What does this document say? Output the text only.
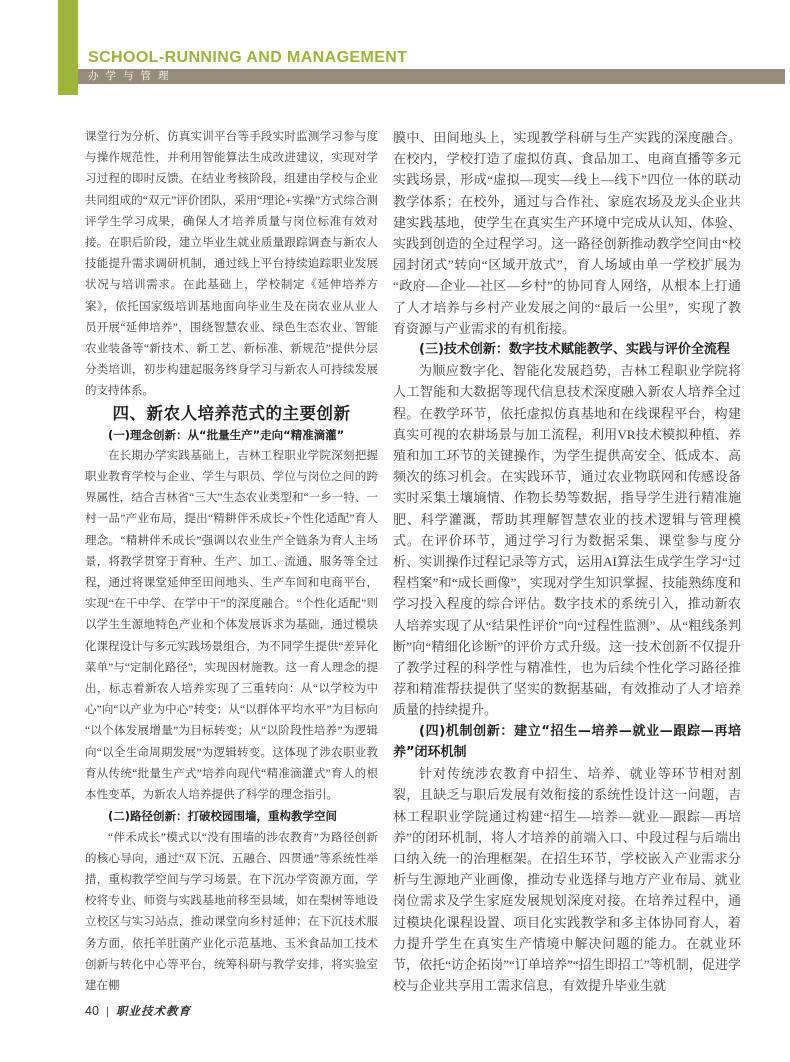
SCHOOL-RUNNING AND MANAGEMENT
办学与管理

课堂行为分析、仿真实训平台等手段实时监测学习参与度与操作规范性，并利用智能算法生成改进建议，实现对学习过程的即时反馈。在结业考核阶段，组建由学校与企业共同组成的“双元”评价团队，采用“理论+实操”方式综合测评学生学习成果，确保人才培养质量与岗位标准有效对接。在职后阶段，建立毕业生就业质量跟踪调查与新农人技能提升需求调研机制，通过线上平台持续追踪职业发展状况与培训需求。在此基础上，学校制定《延伸培养方案》，依托国家级培训基地面向毕业生及在岗农业从业人员开展“延伸培养”，围绕智慧农业、绿色生态农业、智能农业装备等“新技术、新工艺、新标准、新规范”提供分层分类培训，初步构建起服务终身学习与新农人可持续发展的支持体系。

四、新农人培养范式的主要创新

(一)理念创新：从“批量生产”走向“精准滴灌”

在长期办学实践基础上，吉林工程职业学院深刻把握职业教育学校与企业、学生与职员、学位与岗位之间的跨界属性，结合吉林省“三大”生态农业类型和“一乡一特、一村一品”产业布局，提出“精耕伴禾成长+个性化适配”育人理念。“精耕伴禾成长”强调以农业生产全链条为育人主场景，将教学贯穿于育种、生产、加工、流通、服务等全过程，通过将课堂延伸至田间地头、生产车间和电商平台，实现“在干中学、在学中干”的深度融合。“个性化适配”则以学生生源地特色产业和个体发展诉求为基础，通过模块化课程设计与多元实践场景组合，为不同学生提供“差异化菜单”与“定制化路径”，实现因材施教。这一育人理念的提出，标志着新农人培养实现了三重转向：从“以学校为中心”向“以产业为中心”转变；从“以群体平均水平”为目标向“以个体发展增量”为目标转变；从“以阶段性培养”为逻辑向“以全生命周期发展”为逻辑转变。这体现了涉农职业教育从传统“批量生产式”培养向现代“精准滴灌式”育人的根本性变革，为新农人培养提供了科学的理念指引。

(二)路径创新：打破校园围墙，重构教学空间

“伴禾成长”模式以“没有围墙的涉农教育”为路径创新的核心导向，通过“双下沉、五融合、四贯通”等系统性举措，重构教学空间与学习场景。在下沉办学资源方面，学校将专业、师资与实践基地前移至县域，如在梨树等地设立校区与实习站点，推动课堂向乡村延伸；在下沉技术服务方面，依托羊肚菌产业化示范基地、玉米食品加工技术创新与转化中心等平台，统筹科研与教学安排，将实验室建在棚

膜中、田间地头上，实现教学科研与生产实践的深度融合。在校内，学校打造了虚拟仿真、食品加工、电商直播等多元实践场景，形成“虚拟—现实—线上—线下”四位一体的联动教学体系；在校外，通过与合作社、家庭农场及龙头企业共建实践基地，使学生在真实生产环境中完成从认知、体验、实践到创造的全过程学习。这一路径创新推动教学空间由“校园封闭式”转向“区域开放式”，育人场域由单一学校扩展为“政府—企业—社区—乡村”的协同育人网络，从根本上打通了人才培养与乡村产业发展之间的“最后一公里”，实现了教育资源与产业需求的有机衔接。

(三)技术创新：数字技术赋能教学、实践与评价全流程

为顺应数字化、智能化发展趋势，吉林工程职业学院将人工智能和大数据等现代信息技术深度融入新农人培养全过程。在教学环节，依托虚拟仿真基地和在线课程平台，构建真实可视的农耕场景与加工流程，利用VR技术模拟种植、养殖和加工环节的关键操作，为学生提供高安全、低成本、高频次的练习机会。在实践环节，通过农业物联网和传感设备实时采集土壤墒情、作物长势等数据，指导学生进行精准施肥、科学灌溉，帮助其理解智慧农业的技术逻辑与管理模式。在评价环节，通过学习行为数据采集、课堂参与度分析、实训操作过程记录等方式，运用AI算法生成学生学习“过程档案”和“成长画像”，实现对学生知识掌握、技能熟练度和学习投入程度的综合评估。数字技术的系统引入，推动新农人培养实现了从“结果性评价”向“过程性监测”、从“粗线条判断”向“精细化诊断”的评价方式升级。这一技术创新不仅提升了教学过程的科学性与精准性，也为后续个性化学习路径推荐和精准帮扶提供了坚实的数据基础，有效推动了人才培养质量的持续提升。

(四)机制创新：建立“招生—培养—就业—跟踪—再培养”闭环机制

针对传统涉农教育中招生、培养、就业等环节相对割裂，且缺乏与职后发展有效衔接的系统性设计这一问题，吉林工程职业学院通过构建“招生—培养—就业—跟踪—再培养”的闭环机制，将人才培养的前端入口、中段过程与后端出口纳入统一的治理框架。在招生环节，学校嵌入产业需求分析与生源地产业画像，推动专业选择与地方产业布局、就业岗位需求及学生家庭发展规划深度对接。在培养过程中，通过模块化课程设置、项目化实践教学和多主体协同育人，着力提升学生在真实生产情境中解决问题的能力。在就业环节，依托“访企拓岗”“订单培养”“招生即招工”等机制，促进学校与企业共享用工需求信息，有效提升毕业生就

40 | 职业技术教育
